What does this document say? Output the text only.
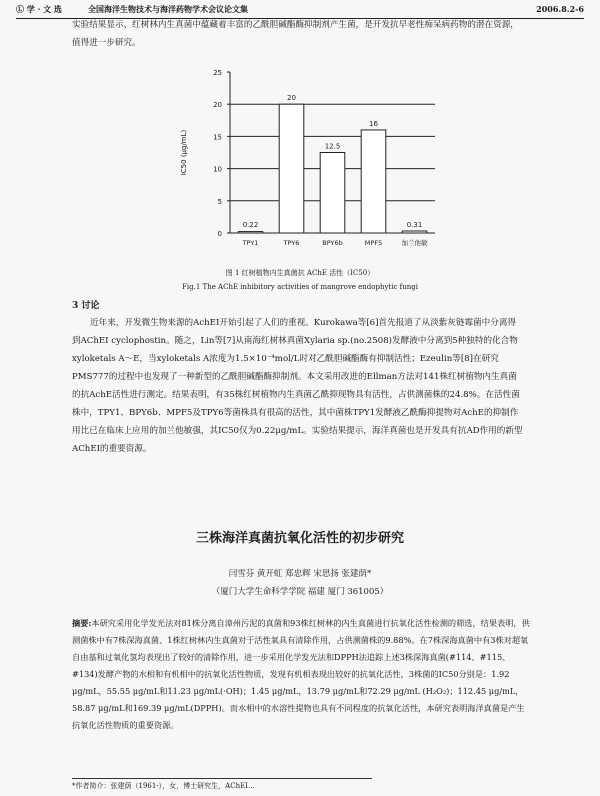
Ⓛ 学 · 文 选	全国海洋生物技术与海洋药物学术会议论文集	2006.8.2-6

实验结果显示，红树林内生真菌中蕴藏着丰富的乙酰胆碱酯酶抑制剂产生菌，是开发抗早老性痴呆病药物的潜在资源，值得进一步研究。

0
5
10
15
20
25
IC50 (μg/mL)
0.22
TPY1
20
TPY6
12.5
BPY6b
16
MPF5
0.31
加兰他敏

图 1 红树植物内生真菌抗 AChE 活性（IC50）

Fig.1 The AChE inhibitory activities of mangrove endophytic fungi

3 讨论

近年来，开发微生物来源的AchEI开始引起了人们的重视。Kurokawa等[6]首先报道了从淡紫灰链霉菌中分离得到AChEI cyclophostin。随之，Lin等[7]从南海红树林真菌Xylaria sp.(no.2508)发酵液中分离到5种独特的化合物xyloketals A～E，当xyloketals A浓度为1.5×10⁻⁴mol/L时对乙酰胆碱酯酶有抑制活性；Ezeulin等[8]在研究PMS777的过程中也发现了一种新型的乙酰胆碱酯酶抑制剂。本文采用改进的Ellman方法对141株红树植物内生真菌的抗AchE活性进行测定。结果表明，有35株红树植物内生真菌乙酰抑现物具有活性，占供测菌株的24.8%。在活性菌株中，TPY1、BPY6b、MPF5及TPY6等菌株具有很高的活性，其中菌株TPY1发酵液乙酰酶抑提物对AchE的抑制作用比已在临床上应用的加兰他敏强，其IC50仅为0.22μg/mL。实验结果提示，海洋真菌也是开发具有抗AD作用的新型AChEI的重要资源。

三株海洋真菌抗氧化活性的初步研究

闫雪芬 黄开虹 郑忠辉 宋思扬 张建荫*

（厦门大学生命科学学院 福建 厦门 361005）

摘要:本研究采用化学发光法对81株分离自漳州污泥的真菌和93株红树林的内生真菌进行抗氧化活性检测的筛选，结果表明，供测菌株中有7株深海真菌、1株红树林内生真菌对于活性氧具有清除作用，占供测菌株的9.88%。在7株深海真菌中有3株对超氧自由基和过氧化氢均表现出了较好的清除作用，进一步采用化学发光法和DPPH法追踪上述3株深海真菌(#114、#115、#134)发酵产物的水相和有机相中的抗氧化活性物质，发现有机相表现出较好的抗氧化活性，3株菌的IC50分别是：1.92 μg/mL，55.55 μg/mL和11.23 μg/mL(·OH)；1.45 μg/mL，13.79 μg/mL和72.29 μg/mL (H₂O₂)；112.45 μg/mL，58.87 μg/mL和169.39 μg/mL(DPPH)。而水相中的水溶性提物也具有不同程度的抗氧化活性，本研究表明海洋真菌是产生抗氧化活性物质的重要资源。

*作者简介：张建荫（1961-），女，博士研究生，AChEI...
